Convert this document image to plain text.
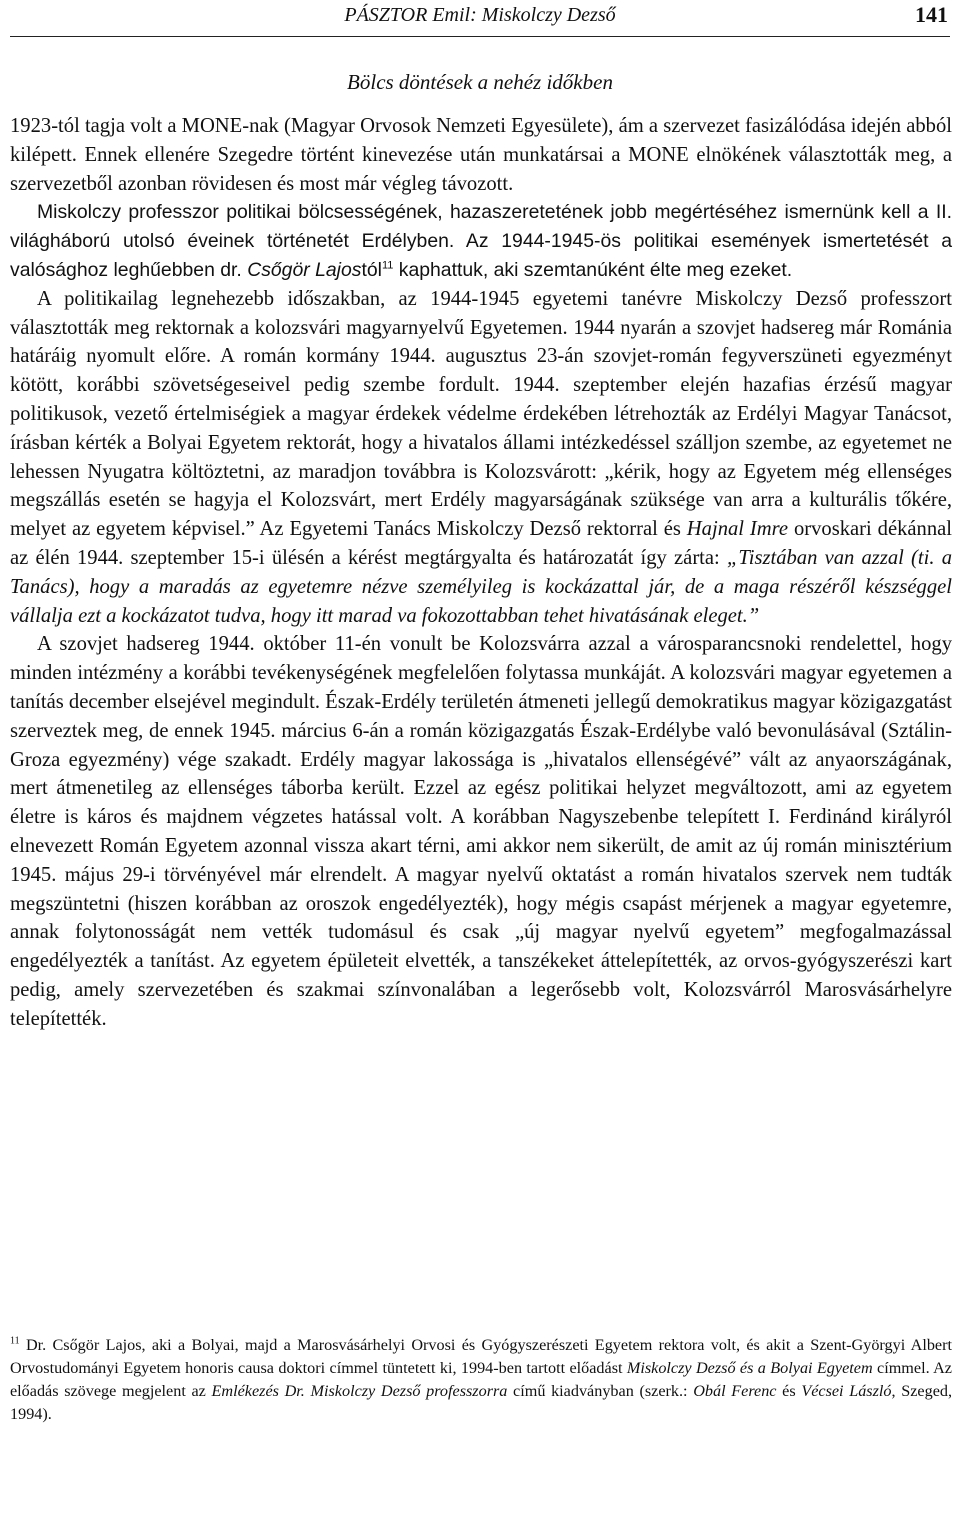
PÁSZTOR Emil: Miskolczy Dezső	141
Bölcs döntések a nehéz időkben

1923-tól tagja volt a MONE-nak (Magyar Orvosok Nemzeti Egyesülete), ám a szervezet fasizálódása idején abból kilépett. Ennek ellenére Szegedre történt kinevezése után munkatársai a MONE elnökének választották meg, a szervezetből azonban rövidesen és most már végleg távozott.

Miskolczy professzor politikai bölcsességének, hazaszeretetének jobb megértéséhez ismernünk kell a II. világháború utolsó éveinek történetét Erdélyben. Az 1944-1945-ös politikai események ismertetését a valósághoz leghűebben dr. Csőgör Lajostól$^{11}$ kaphattuk, aki szemtanúként élte meg ezeket.

A politikailag legnehezebb időszakban, az 1944-1945 egyetemi tanévre Miskolczy Dezső professzort választották meg rektornak a kolozsvári magyarnyelvű Egyetemen. 1944 nyarán a szovjet hadsereg már Románia határáig nyomult előre. A román kormány 1944. augusztus 23-án szovjet-román fegyverszüneti egyezményt kötött, korábbi szövetségeseivel pedig szembe fordult. 1944. szeptember elején hazafias érzésű magyar politikusok, vezető értelmiségiek a magyar érdekek védelme érdekében létrehozták az Erdélyi Magyar Tanácsot, írásban kérték a Bolyai Egyetem rektorát, hogy a hivatalos állami intézkedéssel szálljon szembe, az egyetemet ne lehessen Nyugatra költöztetni, az maradjon továbbra is Kolozsvárott: „kérik, hogy az Egyetem még ellenséges megszállás esetén se hagyja el Kolozsvárt, mert Erdély magyarságának szüksége van arra a kulturális tőkére, melyet az egyetem képvisel.” Az Egyetemi Tanács Miskolczy Dezső rektorral és Hajnal Imre orvoskari dékánnal az élén 1944. szeptember 15-i ülésén a kérést megtárgyalta és határozatát így zárta: „Tisztában van azzal (ti. a Tanács), hogy a maradás az egyetemre nézve személyileg is kockázattal jár, de a maga részéről készséggel vállalja ezt a kockázatot tudva, hogy itt marad va fokozottabban tehet hivatásának eleget.”

A szovjet hadsereg 1944. október 11-én vonult be Kolozsvárra azzal a városparancsnoki rendelettel, hogy minden intézmény a korábbi tevékenységének megfelelően folytassa munkáját. A kolozsvári magyar egyetemen a tanítás december elsejével megindult. Észak-Erdély területén átmeneti jellegű demokratikus magyar közigazgatást szerveztek meg, de ennek 1945. március 6-án a román közigazgatás Észak-Erdélybe való bevonulásával (Sztálin-Groza egyezmény) vége szakadt. Erdély magyar lakossága is „hivatalos ellenségévé” vált az anyaországának, mert átmenetileg az ellenséges táborba került. Ezzel az egész politikai helyzet megváltozott, ami az egyetem életre is káros és majdnem végzetes hatással volt. A korábban Nagyszebenbe telepített I. Ferdinánd királyról elnevezett Román Egyetem azonnal vissza akart térni, ami akkor nem sikerült, de amit az új román minisztérium 1945. május 29-i törvényével már elrendelt. A magyar nyelvű oktatást a román hivatalos szervek nem tudták megszüntetni (hiszen korábban az oroszok engedélyezték), hogy mégis csapást mérjenek a magyar egyetemre, annak folytonosságát nem vették tudomásul és csak „új magyar nyelvű egyetem” megfogalmazással engedélyezték a tanítást. Az egyetem épületeit elvették, a tanszékeket áttelepítették, az orvos-gyógyszerészi kart pedig, amely szervezetében és szakmai színvonalában a legerősebb volt, Kolozsvárról Marosvásárhelyre telepítették.

$^{11}$ Dr. Csőgör Lajos, aki a Bolyai, majd a Marosvásárhelyi Orvosi és Gyógyszerészeti Egyetem rektora volt, és akit a Szent-Györgyi Albert Orvostudományi Egyetem honoris causa doktori címmel tüntetett ki, 1994-ben tartott előadást Miskolczy Dezső és a Bolyai Egyetem címmel. Az előadás szövege megjelent az Emlékezés Dr. Miskolczy Dezső professzorra című kiadványban (szerk.: Obál Ferenc és Vécsei László, Szeged, 1994).
